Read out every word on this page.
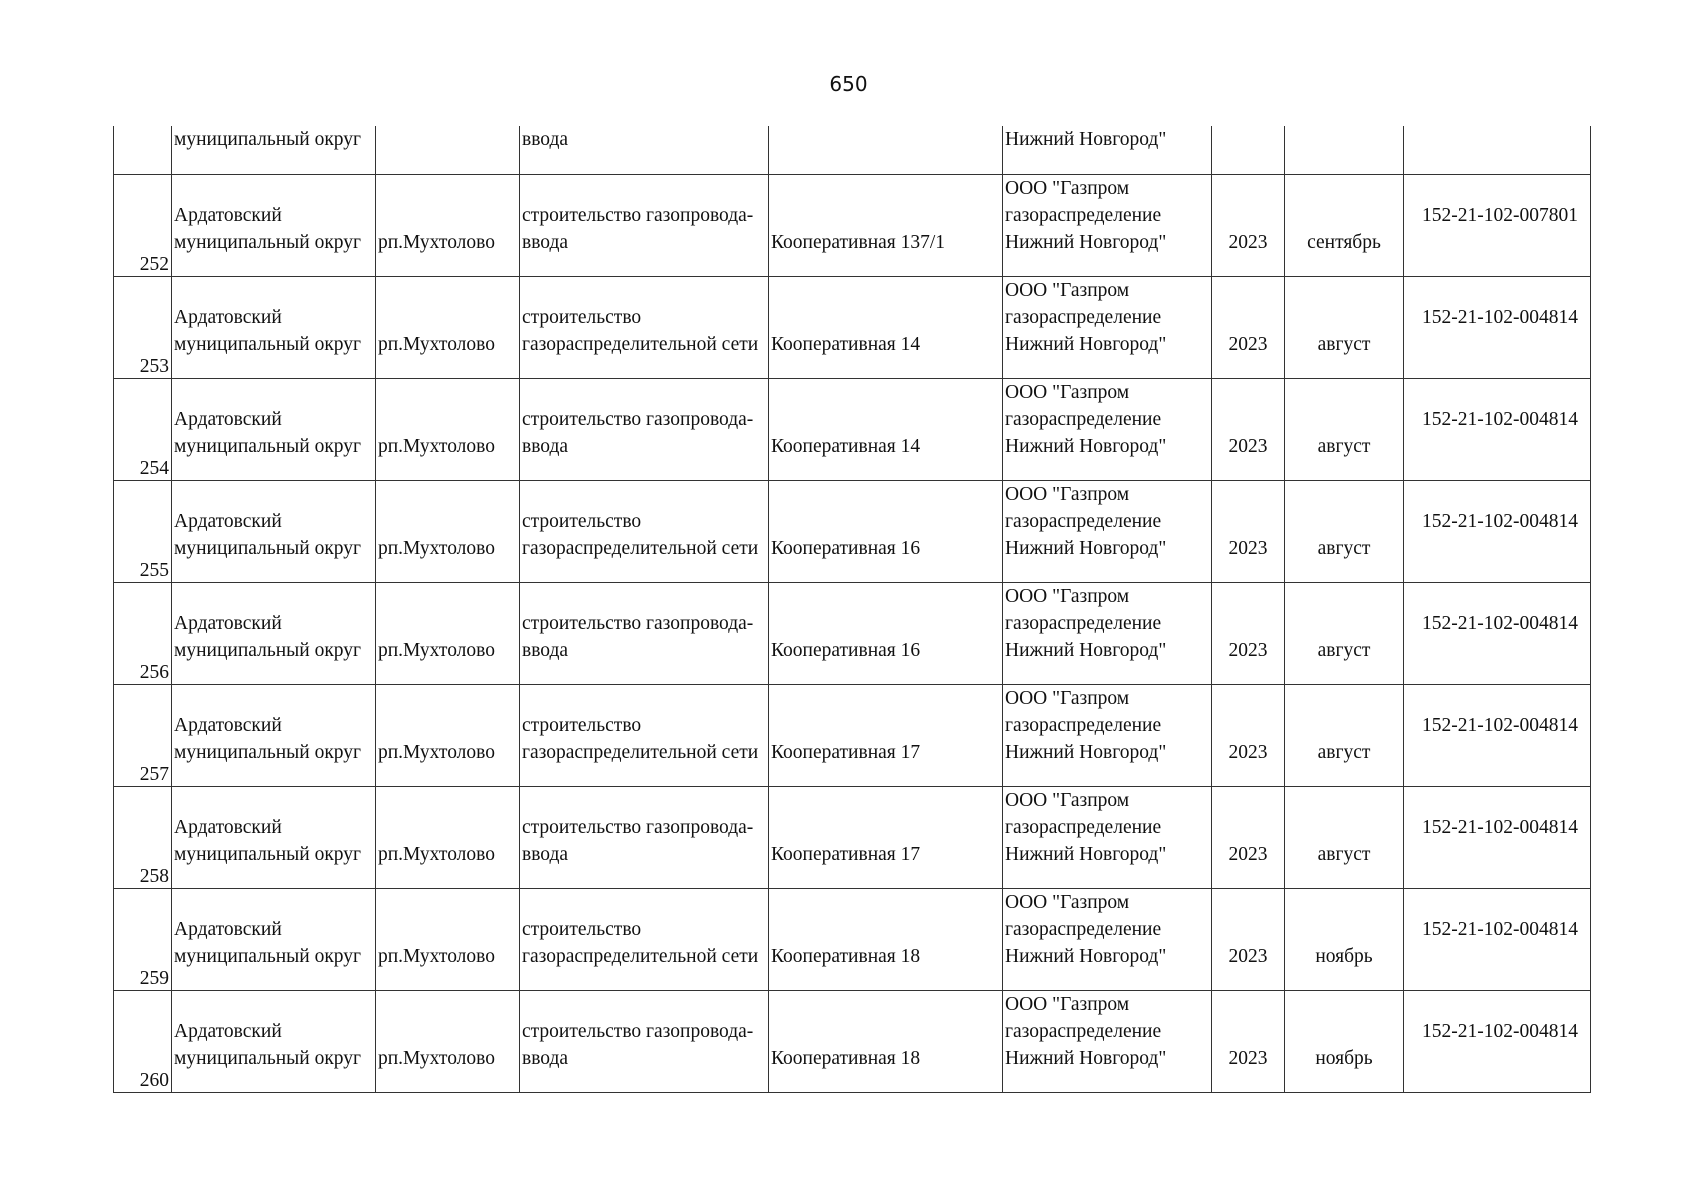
650
	муниципальный округ		ввода		Нижний Новгород"			
252	Ардатовский
муниципальный округ	рп.Мухтолово	строительство газопровода-
ввода	Кооперативная 137/1	ООО "Газпром
газораспределение
Нижний Новгород"	2023	сентябрь	152-21-102-007801
253	Ардатовский
муниципальный округ	рп.Мухтолово	строительство
газораспределительной сети	Кооперативная 14	ООО "Газпром
газораспределение
Нижний Новгород"	2023	август	152-21-102-004814
254	Ардатовский
муниципальный округ	рп.Мухтолово	строительство газопровода-
ввода	Кооперативная 14	ООО "Газпром
газораспределение
Нижний Новгород"	2023	август	152-21-102-004814
255	Ардатовский
муниципальный округ	рп.Мухтолово	строительство
газораспределительной сети	Кооперативная 16	ООО "Газпром
газораспределение
Нижний Новгород"	2023	август	152-21-102-004814
256	Ардатовский
муниципальный округ	рп.Мухтолово	строительство газопровода-
ввода	Кооперативная 16	ООО "Газпром
газораспределение
Нижний Новгород"	2023	август	152-21-102-004814
257	Ардатовский
муниципальный округ	рп.Мухтолово	строительство
газораспределительной сети	Кооперативная 17	ООО "Газпром
газораспределение
Нижний Новгород"	2023	август	152-21-102-004814
258	Ардатовский
муниципальный округ	рп.Мухтолово	строительство газопровода-
ввода	Кооперативная 17	ООО "Газпром
газораспределение
Нижний Новгород"	2023	август	152-21-102-004814
259	Ардатовский
муниципальный округ	рп.Мухтолово	строительство
газораспределительной сети	Кооперативная 18	ООО "Газпром
газораспределение
Нижний Новгород"	2023	ноябрь	152-21-102-004814
260	Ардатовский
муниципальный округ	рп.Мухтолово	строительство газопровода-
ввода	Кооперативная 18	ООО "Газпром
газораспределение
Нижний Новгород"	2023	ноябрь	152-21-102-004814
